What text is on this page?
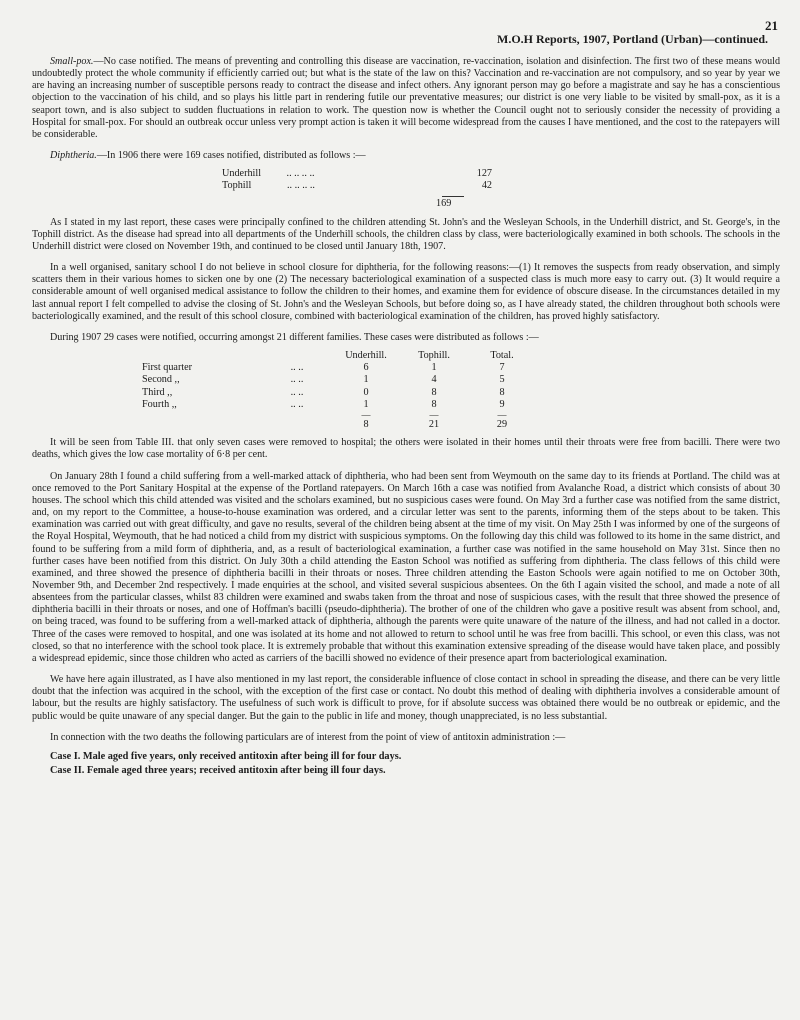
21
M.O.H Reports, 1907, Portland (Urban)—continued.

Small-pox.—No case notified. The means of preventing and controlling this disease are vaccination, re-vaccination, isolation and disinfection. The first two of these means would undoubtedly protect the whole community if efficiently carried out; but what is the state of the law on this? Vaccination and re-vaccination are not compulsory, and so year by year we are having an increasing number of susceptible persons ready to contract the disease and infect others. Any ignorant person may go before a magistrate and say he has a conscientious objection to the vaccination of his child, and so plays his little part in rendering futile our preventative measures; our district is one very liable to be visited by small-pox, as it is a seaport town, and is also subject to sudden fluctuations in relation to work. The question now is whether the Council ought not to seriously consider the necessity of providing a Hospital for small-pox. For should an outbreak occur unless very prompt action is taken it will become widespread from the causes I have mentioned, and the cost to the ratepayers will be considerable.

Diphtheria.—In 1906 there were 169 cases notified, distributed as follows :—

Underhill .. .. .. ..	127
Tophill .. .. .. ..	42
169

As I stated in my last report, these cases were principally confined to the children attending St. John's and the Wesleyan Schools, in the Underhill district, and St. George's, in the Tophill district. As the disease had spread into all departments of the Underhill schools, the children class by class, were bacteriologically examined in both schools. The schools in the Underhill district were closed on November 19th, and continued to be closed until January 18th, 1907.

In a well organised, sanitary school I do not believe in school closure for diphtheria, for the following reasons:—(1) It removes the suspects from ready observation, and simply scatters them in their various homes to sicken one by one (2) The necessary bacteriological examination of a suspected class is much more easy to carry out. (3) It would require a considerable amount of well organised medical assistance to follow the children to their homes, and examine them for evidence of obscure disease. In the circumstances detailed in my last annual report I felt compelled to advise the closing of St. John's and the Wesleyan Schools, but before doing so, as I have already stated, the children throughout both schools were bacteriologically examined, and the result of this school closure, combined with bacteriological examination of the children, has proved highly satisfactory.

During 1907 29 cases were notified, occurring amongst 21 different families. These cases were distributed as follows :—

		Underhill.	Tophill.	Total.
First quarter	.. ..	6	1	7
Second ,,	.. ..	1	4	5
Third ,,	.. ..	0	8	8
Fourth ,,	.. ..	1	8	9
		—	—	—
		8	21	29

It will be seen from Table III. that only seven cases were removed to hospital; the others were isolated in their homes until their throats were free from bacilli. There were two deaths, which gives the low case mortality of 6·8 per cent.

On January 28th I found a child suffering from a well-marked attack of diphtheria, who had been sent from Weymouth on the same day to its friends at Portland. The child was at once removed to the Port Sanitary Hospital at the expense of the Portland ratepayers. On March 16th a case was notified from Avalanche Road, a district which consists of about 30 houses. The school which this child attended was visited and the scholars examined, but no suspicious cases were found. On May 3rd a further case was notified from the same district, and, on my report to the Committee, a house-to-house examination was ordered, and a circular letter was sent to the parents, informing them of the steps about to be taken. This examination was carried out with great difficulty, and gave no results, several of the children being absent at the time of my visit. On May 25th I was informed by one of the surgeons of the Royal Hospital, Weymouth, that he had noticed a child from my district with suspicious symptoms. On the following day this child was followed to its home in the same district, and found to be suffering from a mild form of diphtheria, and, as a result of bacteriological examination, a further case was notified in the same household on May 31st. Since then no further cases have been notified from this district. On July 30th a child attending the Easton School was notified as suffering from diphtheria. The class fellows of this child were examined, and three showed the presence of diphtheria bacilli in their throats or noses. Three children attending the Easton Schools were again notified to me on October 30th, November 9th, and December 2nd respectively. I made enquiries at the school, and visited several suspicious absentees. On the 6th I again visited the school, and made a note of all absentees from the particular classes, whilst 83 children were examined and swabs taken from the throat and nose of suspicious cases, with the result that three showed the presence of diphtheria bacilli in their throats or noses, and one of Hoffman's bacilli (pseudo-diphtheria). The brother of one of the children who gave a positive result was absent from school, and, on being traced, was found to be suffering from a well-marked attack of diphtheria, although the parents were quite unaware of the nature of the illness, and had not called in a doctor. Three of the cases were removed to hospital, and one was isolated at its home and not allowed to return to school until he was free from bacilli. This school, or even this class, was not closed, so that no interference with the school took place. It is extremely probable that without this examination extensive spreading of the disease would have taken place, and possibly a widespread epidemic, since those children who acted as carriers of the bacilli showed no evidence of their presence apart from bacteriological examination.

We have here again illustrated, as I have also mentioned in my last report, the considerable influence of close contact in school in spreading the disease, and there can be very little doubt that the infection was acquired in the school, with the exception of the first case or contact. No doubt this method of dealing with diphtheria involves a considerable amount of labour, but the results are highly satisfactory. The usefulness of such work is difficult to prove, for if absolute success was obtained there would be no outbreak or epidemic, and the public would be quite unaware of any special danger. But the gain to the public in life and money, though unappreciated, is no less substantial.

In connection with the two deaths the following particulars are of interest from the point of view of antitoxin administration :—

Case I. Male aged five years, only received antitoxin after being ill for four days.

Case II. Female aged three years; received antitoxin after being ill four days.
